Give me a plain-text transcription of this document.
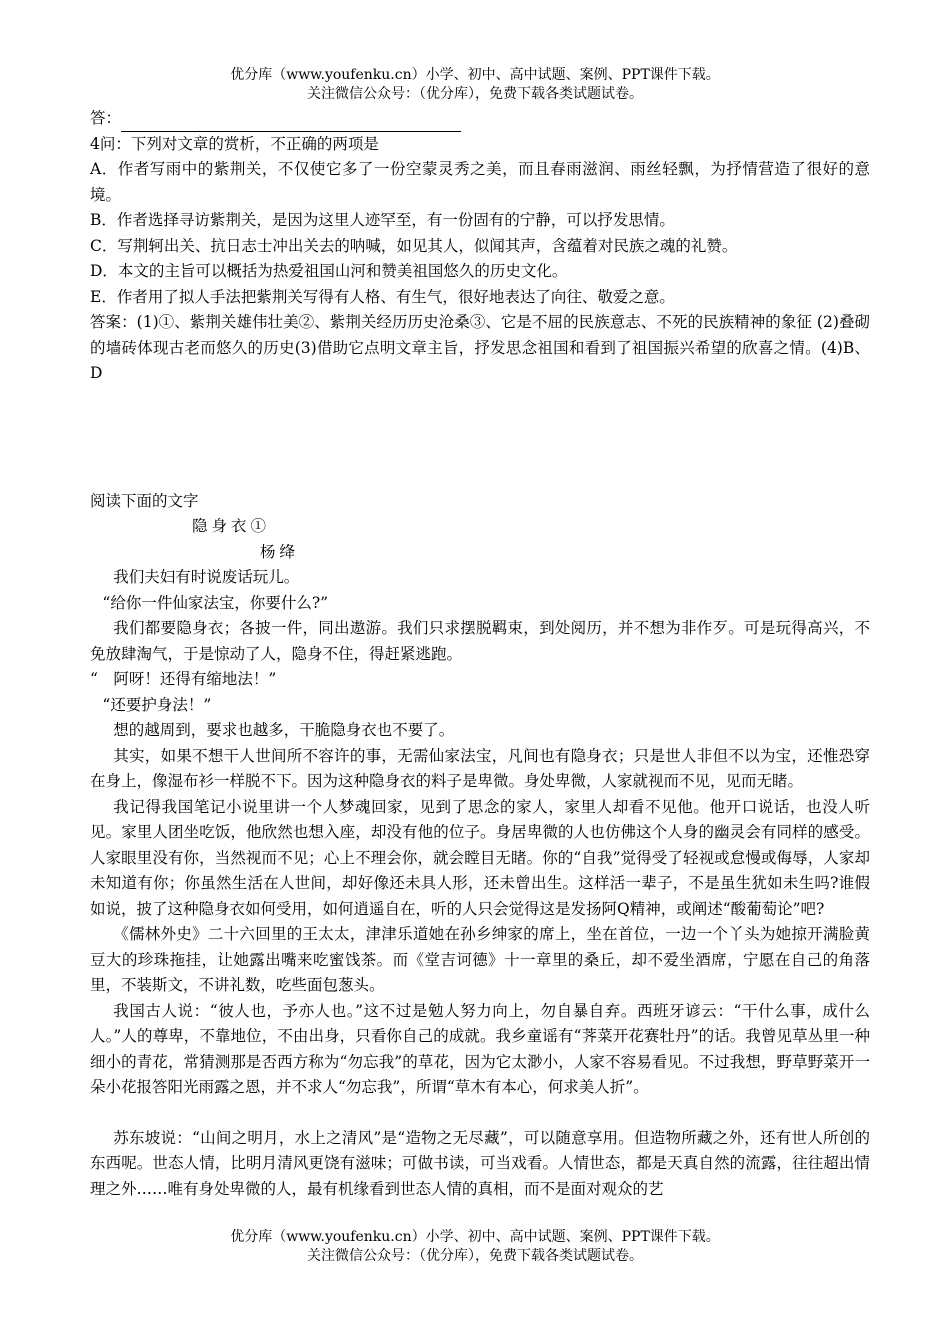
优分库（www.youfenku.cn）小学、初中、高中试题、案例、PPT课件下载。
关注微信公众号：（优分库），免费下载各类试题试卷。

答：

4问：下列对文章的赏析，不正确的两项是

A．作者写雨中的紫荆关，不仅使它多了一份空蒙灵秀之美，而且春雨滋润、雨丝轻飘，为抒情营造了很好的意境。

B．作者选择寻访紫荆关，是因为这里人迹罕至，有一份固有的宁静，可以抒发思情。

C．写荆轲出关、抗日志士冲出关去的呐喊，如见其人，似闻其声，含蕴着对民族之魂的礼赞。

D．本文的主旨可以概括为热爱祖国山河和赞美祖国悠久的历史文化。

E．作者用了拟人手法把紫荆关写得有人格、有生气，很好地表达了向往、敬爱之意。

答案：(1)①、紫荆关雄伟壮美②、紫荆关经历历史沧桑③、它是不屈的民族意志、不死的民族精神的象征 (2)叠砌的墙砖体现古老而悠久的历史(3)借助它点明文章主旨，抒发思念祖国和看到了祖国振兴希望的欣喜之情。(4)B、D

阅读下面的文字

隐身衣①

杨绛

我们夫妇有时说废话玩儿。

“给你一件仙家法宝，你要什么?”

我们都要隐身衣；各披一件，同出遨游。我们只求摆脱羁束，到处阅历，并不想为非作歹。可是玩得高兴，不免放肆淘气，于是惊动了人，隐身不住，得赶紧逃跑。

“　阿呀！还得有缩地法！”

“还要护身法！”

想的越周到，要求也越多，干脆隐身衣也不要了。

其实，如果不想干人世间所不容许的事，无需仙家法宝，凡间也有隐身衣；只是世人非但不以为宝，还惟恐穿在身上，像湿布衫一样脱不下。因为这种隐身衣的料子是卑微。身处卑微，人家就视而不见，见而无睹。

我记得我国笔记小说里讲一个人梦魂回家，见到了思念的家人，家里人却看不见他。他开口说话，也没人听见。家里人团坐吃饭，他欣然也想入座，却没有他的位子。身居卑微的人也仿佛这个人身的幽灵会有同样的感受。人家眼里没有你，当然视而不见；心上不理会你，就会瞠目无睹。你的“自我”觉得受了轻视或怠慢或侮辱，人家却未知道有你；你虽然生活在人世间，却好像还未具人形，还未曾出生。这样活一辈子，不是虽生犹如未生吗?谁假如说，披了这种隐身衣如何受用，如何逍遥自在，听的人只会觉得这是发扬阿Q精神，或阐述“酸葡萄论”吧?

《儒林外史》二十六回里的王太太，津津乐道她在孙乡绅家的席上，坐在首位，一边一个丫头为她掠开满脸黄豆大的珍珠拖挂，让她露出嘴来吃蜜饯茶。而《堂吉诃德》十一章里的桑丘，却不爱坐酒席，宁愿在自己的角落里，不装斯文，不讲礼数，吃些面包葱头。

我国古人说：“彼人也，予亦人也。”这不过是勉人努力向上，勿自暴自弃。西班牙谚云：“干什么事，成什么人。”人的尊卑，不靠地位，不由出身，只看你自己的成就。我乡童谣有“荠菜开花赛牡丹”的话。我曾见草丛里一种细小的青花，常猜测那是否西方称为“勿忘我”的草花，因为它太渺小，人家不容易看见。不过我想，野草野菜开一朵小花报答阳光雨露之恩，并不求人“勿忘我”，所谓“草木有本心，何求美人折”。

苏东坡说：“山间之明月，水上之清风”是“造物之无尽藏”，可以随意享用。但造物所藏之外，还有世人所创的东西呢。世态人情，比明月清风更饶有滋味；可做书读，可当戏看。人情世态，都是天真自然的流露，往往超出情理之外……唯有身处卑微的人，最有机缘看到世态人情的真相，而不是面对观众的艺

优分库（www.youfenku.cn）小学、初中、高中试题、案例、PPT课件下载。
关注微信公众号：（优分库），免费下载各类试题试卷。
